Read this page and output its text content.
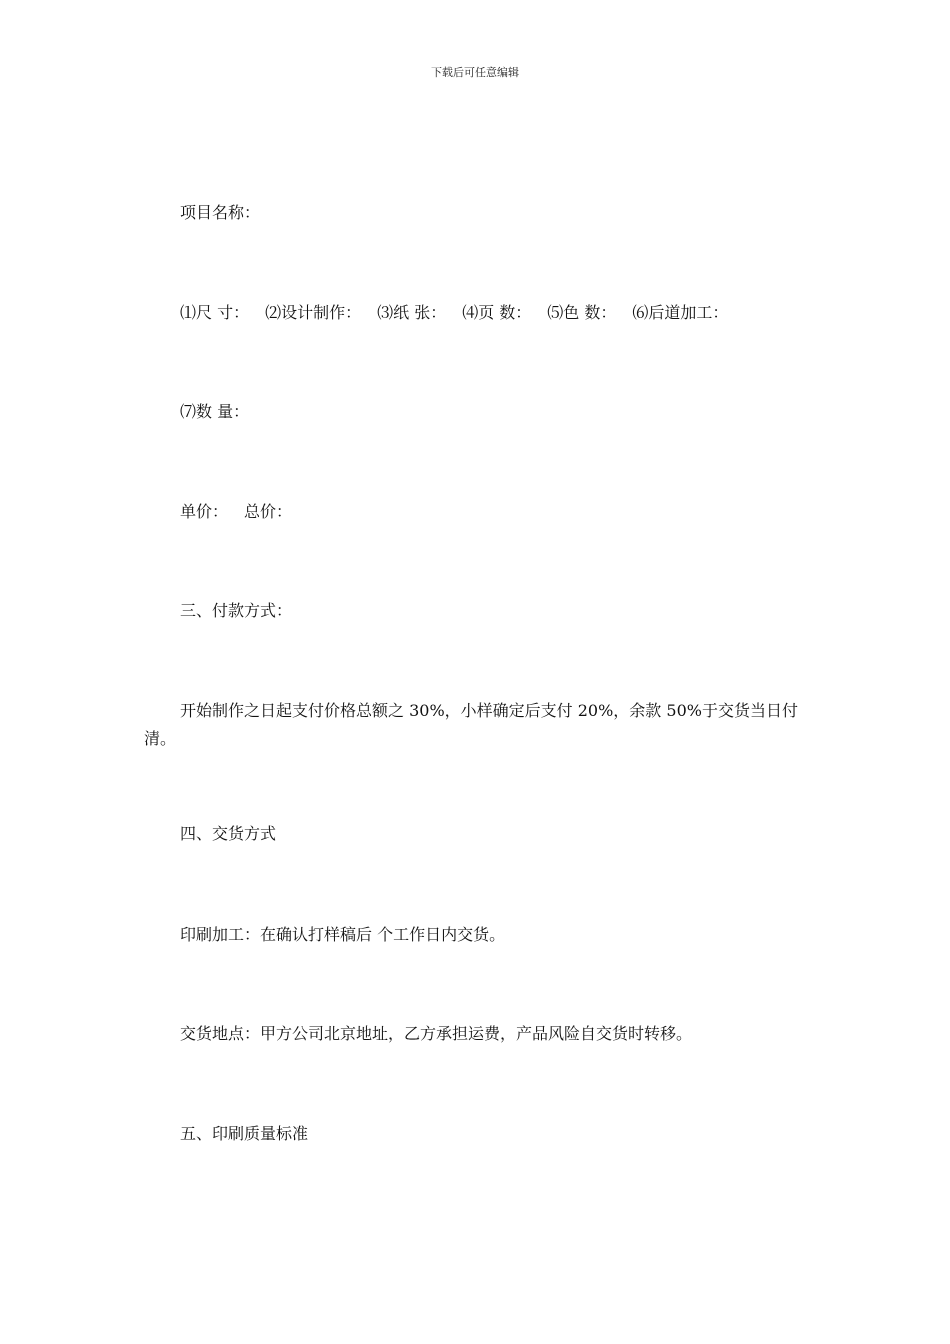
下载后可任意编辑
项目名称：
⑴尺 寸： ⑵设计制作： ⑶纸 张： ⑷页 数： ⑸色 数： ⑹后道加工：
⑺数 量：
单价： 总价：
三、付款方式：
开始制作之日起支付价格总额之 30%，小样确定后支付 20%，余款 50%于交货当日付清。
四、交货方式
印刷加工：在确认打样稿后 个工作日内交货。
交货地点：甲方公司北京地址，乙方承担运费，产品风险自交货时转移。
五、印刷质量标准
